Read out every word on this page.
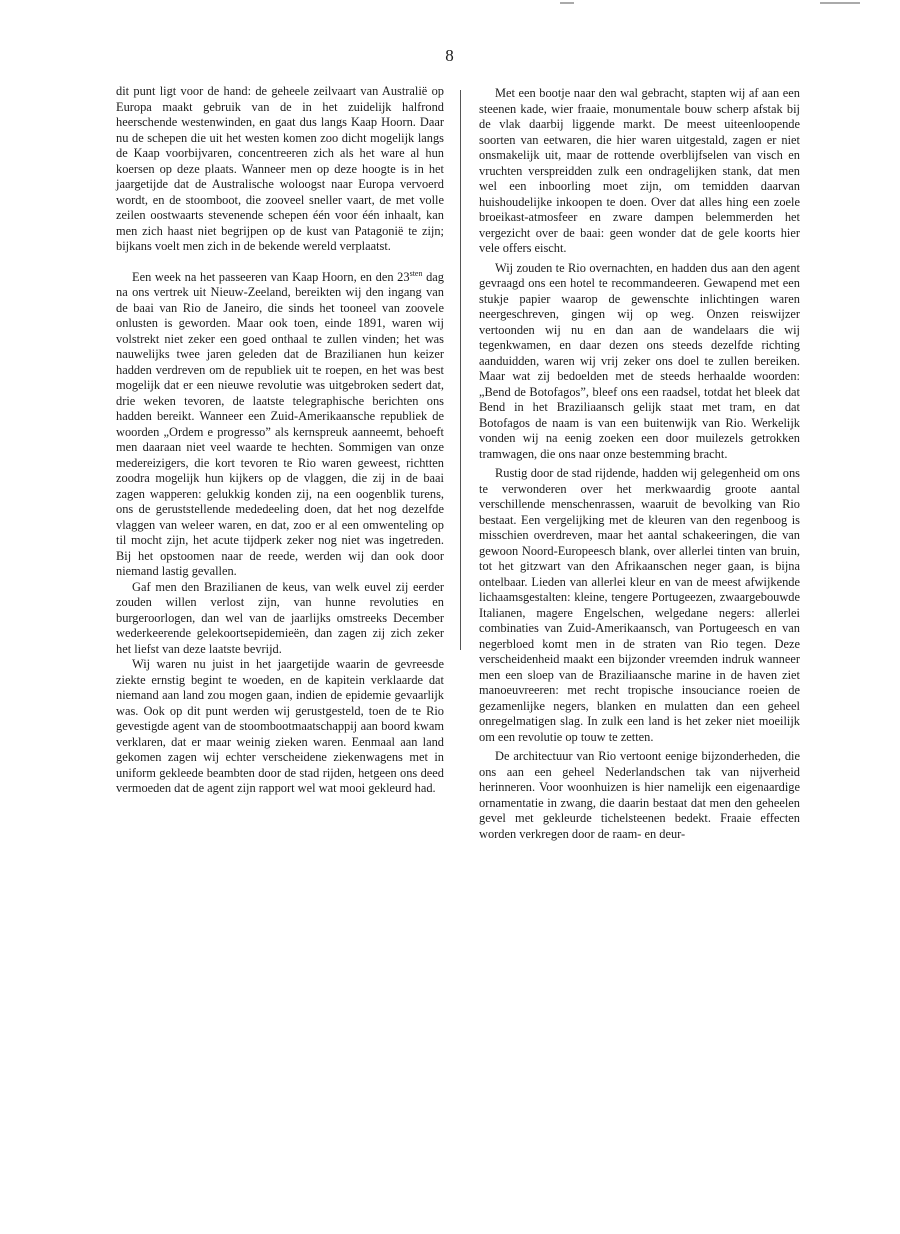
8

dit punt ligt voor de hand: de geheele zeilvaart van Australië op Europa maakt gebruik van de in het zuidelijk halfrond heerschende westenwinden, en gaat dus langs Kaap Hoorn. Daar nu de schepen die uit het westen komen zoo dicht mogelijk langs de Kaap voorbijvaren, concentreeren zich als het ware al hun koersen op deze plaats. Wanneer men op deze hoogte is in het jaargetijde dat de Australische woloogst naar Europa vervoerd wordt, en de stoomboot, die zooveel sneller vaart, de met volle zeilen oostwaarts stevenende schepen één voor één inhaalt, kan men zich haast niet begrijpen op de kust van Patagonië te zijn; bijkans voelt men zich in de bekende wereld verplaatst.

Een week na het passeeren van Kaap Hoorn, en den $23^{sten}$ dag na ons vertrek uit Nieuw-Zeeland, bereikten wij den ingang van de baai van Rio de Janeiro, die sinds het tooneel van zoovele onlusten is geworden. Maar ook toen, einde 1891, waren wij volstrekt niet zeker een goed onthaal te zullen vinden; het was nauwelijks twee jaren geleden dat de Brazilianen hun keizer hadden verdreven om de republiek uit te roepen, en het was best mogelijk dat er een nieuwe revolutie was uitgebroken sedert dat, drie weken tevoren, de laatste telegraphische berichten ons hadden bereikt. Wanneer een Zuid-Amerikaansche republiek de woorden „Ordem e progresso” als kernspreuk aanneemt, behoeft men daaraan niet veel waarde te hechten. Sommigen van onze medereizigers, die kort tevoren te Rio waren geweest, richtten zoodra mogelijk hun kijkers op de vlaggen, die zij in de baai zagen wapperen: gelukkig konden zij, na een oogenblik turens, ons de geruststellende mededeeling doen, dat het nog dezelfde vlaggen van weleer waren, en dat, zoo er al een omwenteling op til mocht zijn, het acute tijdperk zeker nog niet was ingetreden. Bij het opstoomen naar de reede, werden wij dan ook door niemand lastig gevallen.

Gaf men den Brazilianen de keus, van welk euvel zij eerder zouden willen verlost zijn, van hunne revoluties en burgeroorlogen, dan wel van de jaarlijks omstreeks December wederkeerende gelekoortsepidemieën, dan zagen zij zich zeker het liefst van deze laatste bevrijd.

Wij waren nu juist in het jaargetijde waarin de gevreesde ziekte ernstig begint te woeden, en de kapitein verklaarde dat niemand aan land zou mogen gaan, indien de epidemie gevaarlijk was. Ook op dit punt werden wij gerustgesteld, toen de te Rio gevestigde agent van de stoombootmaatschappij aan boord kwam verklaren, dat er maar weinig zieken waren. Eenmaal aan land gekomen zagen wij echter verscheidene ziekenwagens met in uniform gekleede beambten door de stad rijden, hetgeen ons deed vermoeden dat de agent zijn rapport wel wat mooi gekleurd had.

Met een bootje naar den wal gebracht, stapten wij af aan een steenen kade, wier fraaie, monumentale bouw scherp afstak bij de vlak daarbij liggende markt. De meest uiteenloopende soorten van eetwaren, die hier waren uitgestald, zagen er niet onsmakelijk uit, maar de rottende overblijfselen van visch en vruchten verspreidden zulk een ondragelijken stank, dat men wel een inboorling moet zijn, om temidden daarvan huishoudelijke inkoopen te doen. Over dat alles hing een zoele broeikast-atmosfeer en zware dampen belemmerden het vergezicht over de baai: geen wonder dat de gele koorts hier vele offers eischt.

Wij zouden te Rio overnachten, en hadden dus aan den agent gevraagd ons een hotel te recommandeeren. Gewapend met een stukje papier waarop de gewenschte inlichtingen waren neergeschreven, gingen wij op weg. Onzen reiswijzer vertoonden wij nu en dan aan de wandelaars die wij tegenkwamen, en daar dezen ons steeds dezelfde richting aanduidden, waren wij vrij zeker ons doel te zullen bereiken. Maar wat zij bedoelden met de steeds herhaalde woorden: „Bend de Botofagos”, bleef ons een raadsel, totdat het bleek dat Bend in het Braziliaansch gelijk staat met tram, en dat Botofagos de naam is van een buitenwijk van Rio. Werkelijk vonden wij na eenig zoeken een door muilezels getrokken tramwagen, die ons naar onze bestemming bracht.

Rustig door de stad rijdende, hadden wij gelegenheid om ons te verwonderen over het merkwaardig groote aantal verschillende menschenrassen, waaruit de bevolking van Rio bestaat. Een vergelijking met de kleuren van den regenboog is misschien overdreven, maar het aantal schakeeringen, die van gewoon Noord-Europeesch blank, over allerlei tinten van bruin, tot het gitzwart van den Afrikaanschen neger gaan, is bijna ontelbaar. Lieden van allerlei kleur en van de meest afwijkende lichaamsgestalten: kleine, tengere Portugeezen, zwaargebouwde Italianen, magere Engelschen, welgedane negers: allerlei combinaties van Zuid-Amerikaansch, van Portugeesch en van negerbloed komt men in de straten van Rio tegen. Deze verscheidenheid maakt een bijzonder vreemden indruk wanneer men een sloep van de Braziliaansche marine in de haven ziet manoeuvreeren: met recht tropische insouciance roeien de gezamenlijke negers, blanken en mulatten dan een geheel onregelmatigen slag. In zulk een land is het zeker niet moeilijk om een revolutie op touw te zetten.

De architectuur van Rio vertoont eenige bijzonderheden, die ons aan een geheel Nederlandschen tak van nijverheid herinneren. Voor woonhuizen is hier namelijk een eigenaardige ornamentatie in zwang, die daarin bestaat dat men den geheelen gevel met gekleurde tichelsteenen bedekt. Fraaie effecten worden verkregen door de raam- en deur-
